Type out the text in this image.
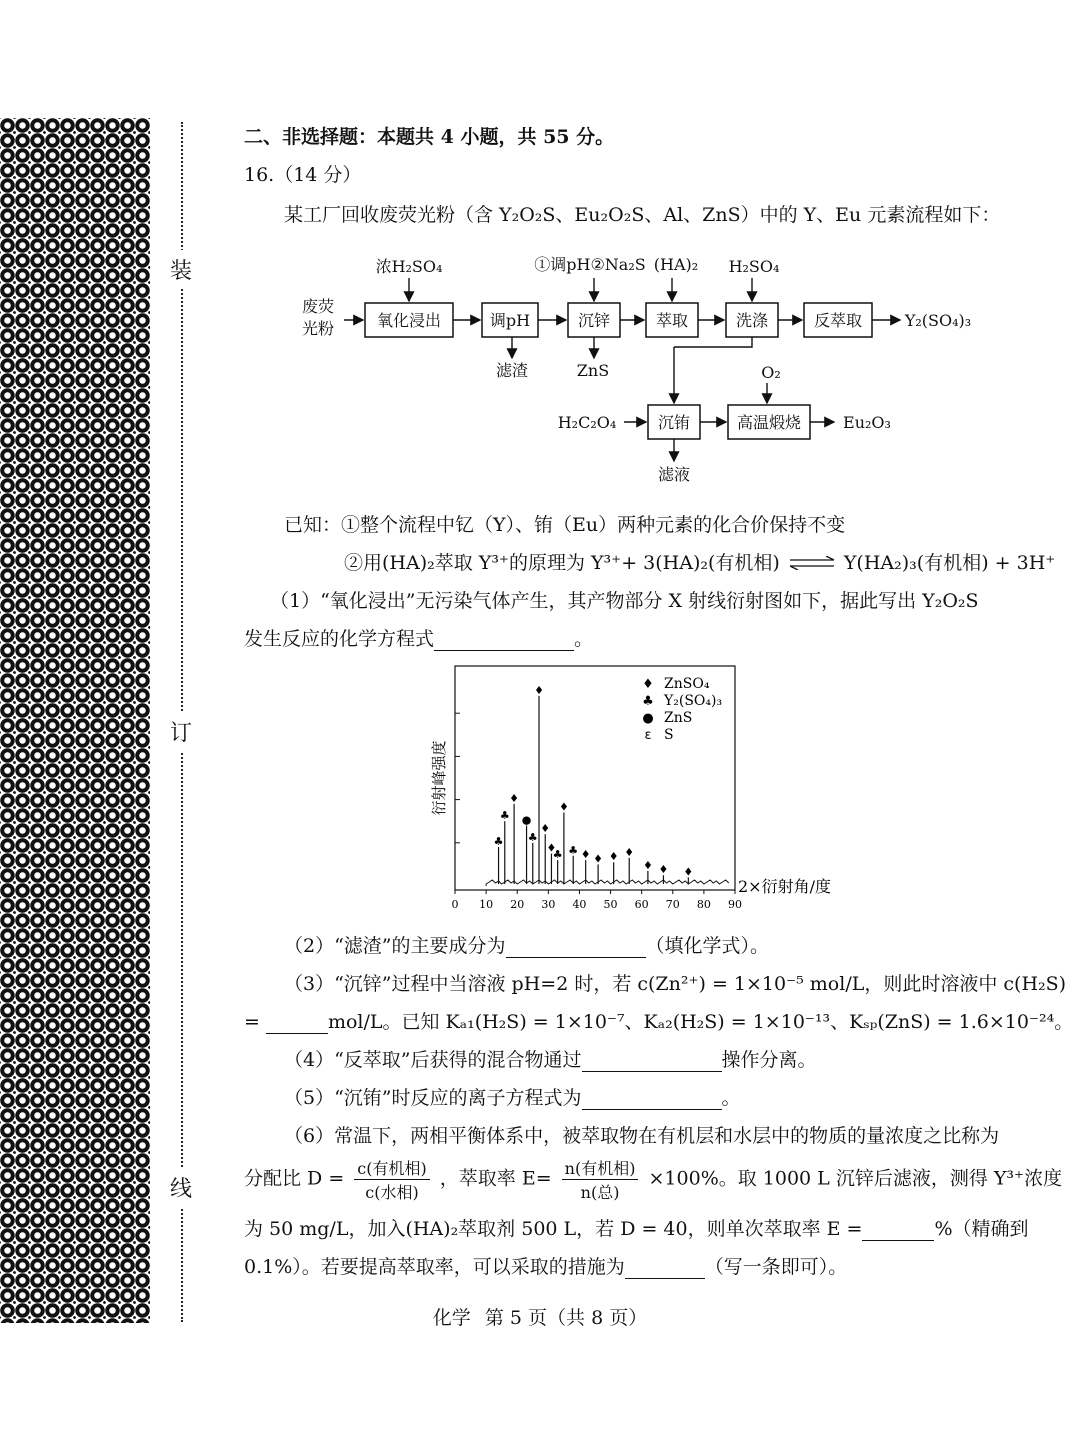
装
订
线
二、非选择题：本题共 4 小题，共 55 分。
16.（14 分）
某工厂回收废荧光粉（含 Y₂O₂S、Eu₂O₂S、Al、ZnS）中的 Y、Eu 元素流程如下：
废荧
光粉	氧化浸出	调pH	沉锌	萃取	洗涤	反萃取
沉铕	高温煅烧
浓H₂SO₄	①调pH②Na₂S (HA)₂ H₂SO₄
O₂
H₂C₂O₄
滤渣	ZnS
滤液
Y₂(SO₄)₃
Eu₂O₃
已知：①整个流程中钇（Y）、铕（Eu）两种元素的化合价保持不变
②用(HA)₂萃取 Y³⁺的原理为 Y³⁺+ 3(HA)₂(有机相) ⇌ Y(HA₂)₃(有机相) + 3H⁺
（1）“氧化浸出”无污染气体产生，其产物部分 X 射线衍射图如下，据此写出 Y₂O₂S
发生反应的化学方程式	。
衍射峰强度
♣
♣
♦
●
♣
♦
♦
♦
♣
♦
♣ ♦ ♦ ♦ ♦
♦ ♦ ♦
0 10 20 30 40 50 60 70 80 90
2×衍射角/度
♦ ZnSO₄
♣ Y₂(SO₄)₃
● ZnS
ε S
（2）“滤渣”的主要成分为	（填化学式）。
（3）“沉锌”过程中当溶液 pH=2 时，若 c(Zn²⁺) = 1×10⁻⁵ mol/L，则此时溶液中 c(H₂S)
=	mol/L。已知 Kₐ₁(H₂S) = 1×10⁻⁷、Kₐ₂(H₂S) = 1×10⁻¹³、Kₛₚ(ZnS) = 1.6×10⁻²⁴。
（4）“反萃取”后获得的混合物通过	操作分离。
（5）“沉铕”时反应的离子方程式为	。
（6）常温下，两相平衡体系中，被萃取物在有机层和水层中的物质的量浓度之比称为
分配比 $D = \frac{\text{c(有机相)}}{\text{c(水相)}}$ ，萃取率 $E= \frac{\text{n(有机相)}}{\text{n(总)}} \times 100\%$。取 1000 L 沉锌后滤液，测得 Y³⁺浓度
为 50 mg/L，加入(HA)₂萃取剂 500 L，若 D = 40，则单次萃取率 E =	%（精确到
0.1%）。若要提高萃取率，可以采取的措施为	（写一条即可）。
化学 第 5 页（共 8 页）
